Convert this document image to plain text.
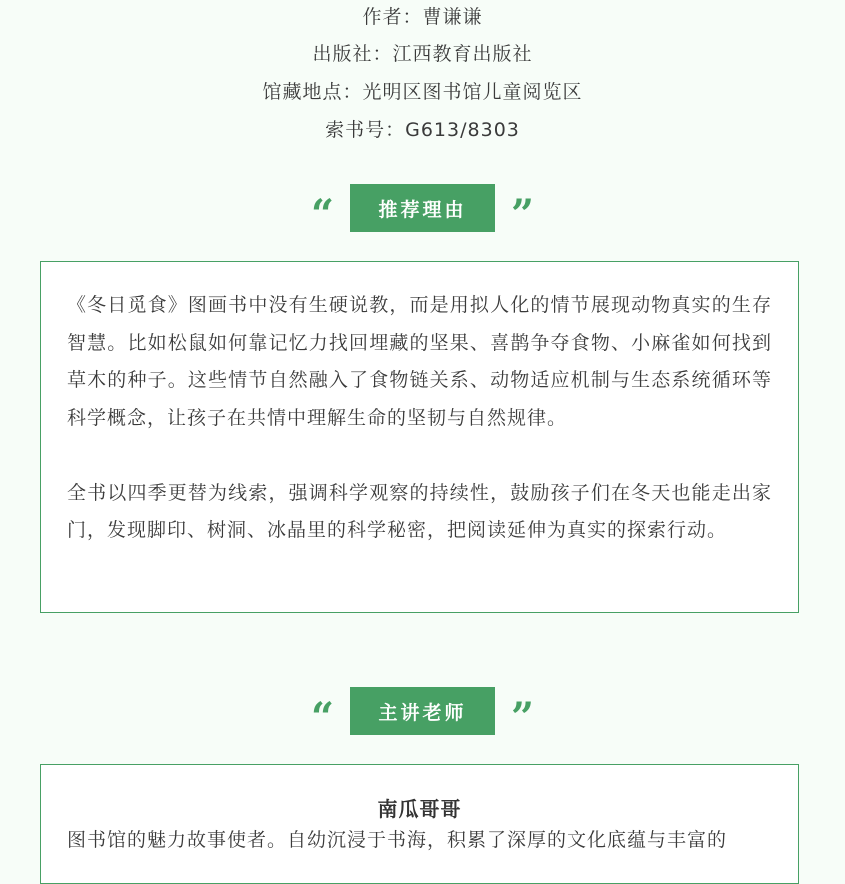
作者：曹谦谦
出版社：江西教育出版社
馆藏地点：光明区图书馆儿童阅览区
索书号：G613/8303
“	推荐理由	”

《冬日觅食》图画书中没有生硬说教，而是用拟人化的情节展现动物真实的生存智慧。比如松鼠如何靠记忆力找回埋藏的坚果、喜鹊争夺食物、小麻雀如何找到草木的种子。这些情节自然融入了食物链关系、动物适应机制与生态系统循环等科学概念，让孩子在共情中理解生命的坚韧与自然规律。

全书以四季更替为线索，强调科学观察的持续性，鼓励孩子们在冬天也能走出家门，发现脚印、树洞、冰晶里的科学秘密，把阅读延伸为真实的探索行动。

“	主讲老师	”
南瓜哥哥

图书馆的魅力故事使者。自幼沉浸于书海，积累了深厚的文化底蕴与丰富的
